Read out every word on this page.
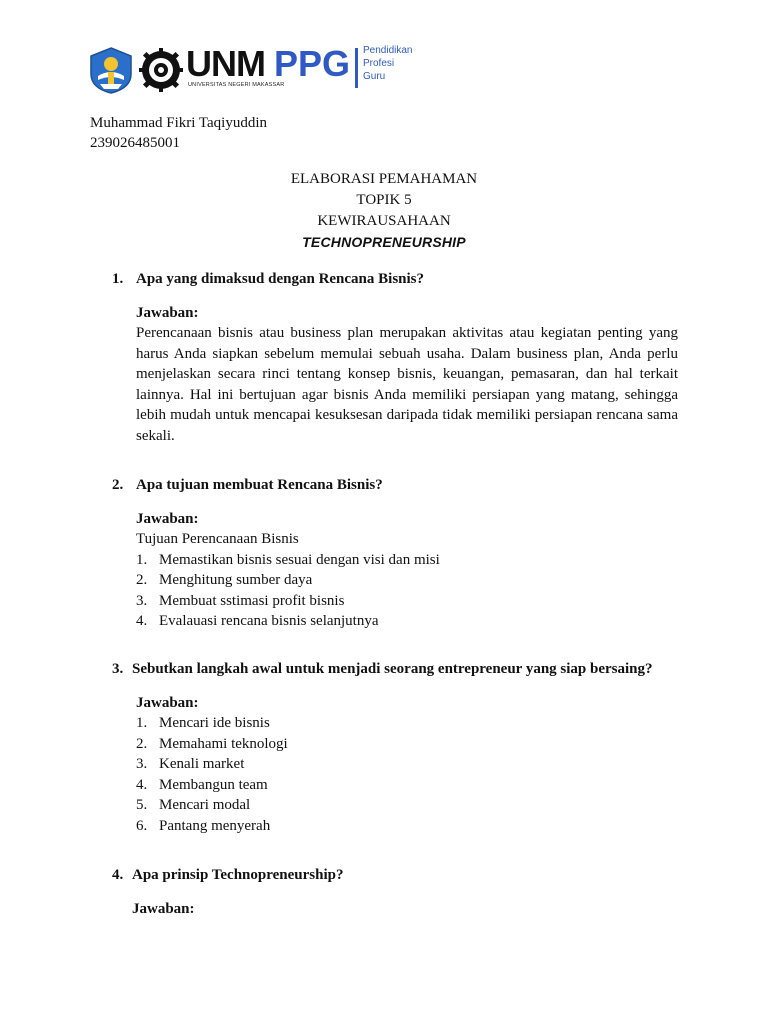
UNM
UNIVERSITAS NEGERI MAKASSAR
PPG Pendidikan
Profesi
Guru
Muhammad Fikri Taqiyuddin
239026485001
ELABORASI PEMAHAMAN
TOPIK 5
KEWIRAUSAHAAN
TECHNOPRENEURSHIP
1. Apa yang dimaksud dengan Rencana Bisnis?
Jawaban:
Perencanaan bisnis atau business plan merupakan aktivitas atau kegiatan penting yang harus Anda siapkan sebelum memulai sebuah usaha. Dalam business plan, Anda perlu menjelaskan secara rinci tentang konsep bisnis, keuangan, pemasaran, dan hal terkait lainnya. Hal ini bertujuan agar bisnis Anda memiliki persiapan yang matang, sehingga lebih mudah untuk mencapai kesuksesan daripada tidak memiliki persiapan rencana sama sekali.
2. Apa tujuan membuat Rencana Bisnis?
Jawaban:
Tujuan Perencanaan Bisnis
1. Memastikan bisnis sesuai dengan visi dan misi
2. Menghitung sumber daya
3. Membuat sstimasi profit bisnis
4. Evalauasi rencana bisnis selanjutnya
3. Sebutkan langkah awal untuk menjadi seorang entrepreneur yang siap bersaing?
Jawaban:
1. Mencari ide bisnis
2. Memahami teknologi
3. Kenali market
4. Membangun team
5. Mencari modal
6. Pantang menyerah
4. Apa prinsip Technopreneurship?
Jawaban:
